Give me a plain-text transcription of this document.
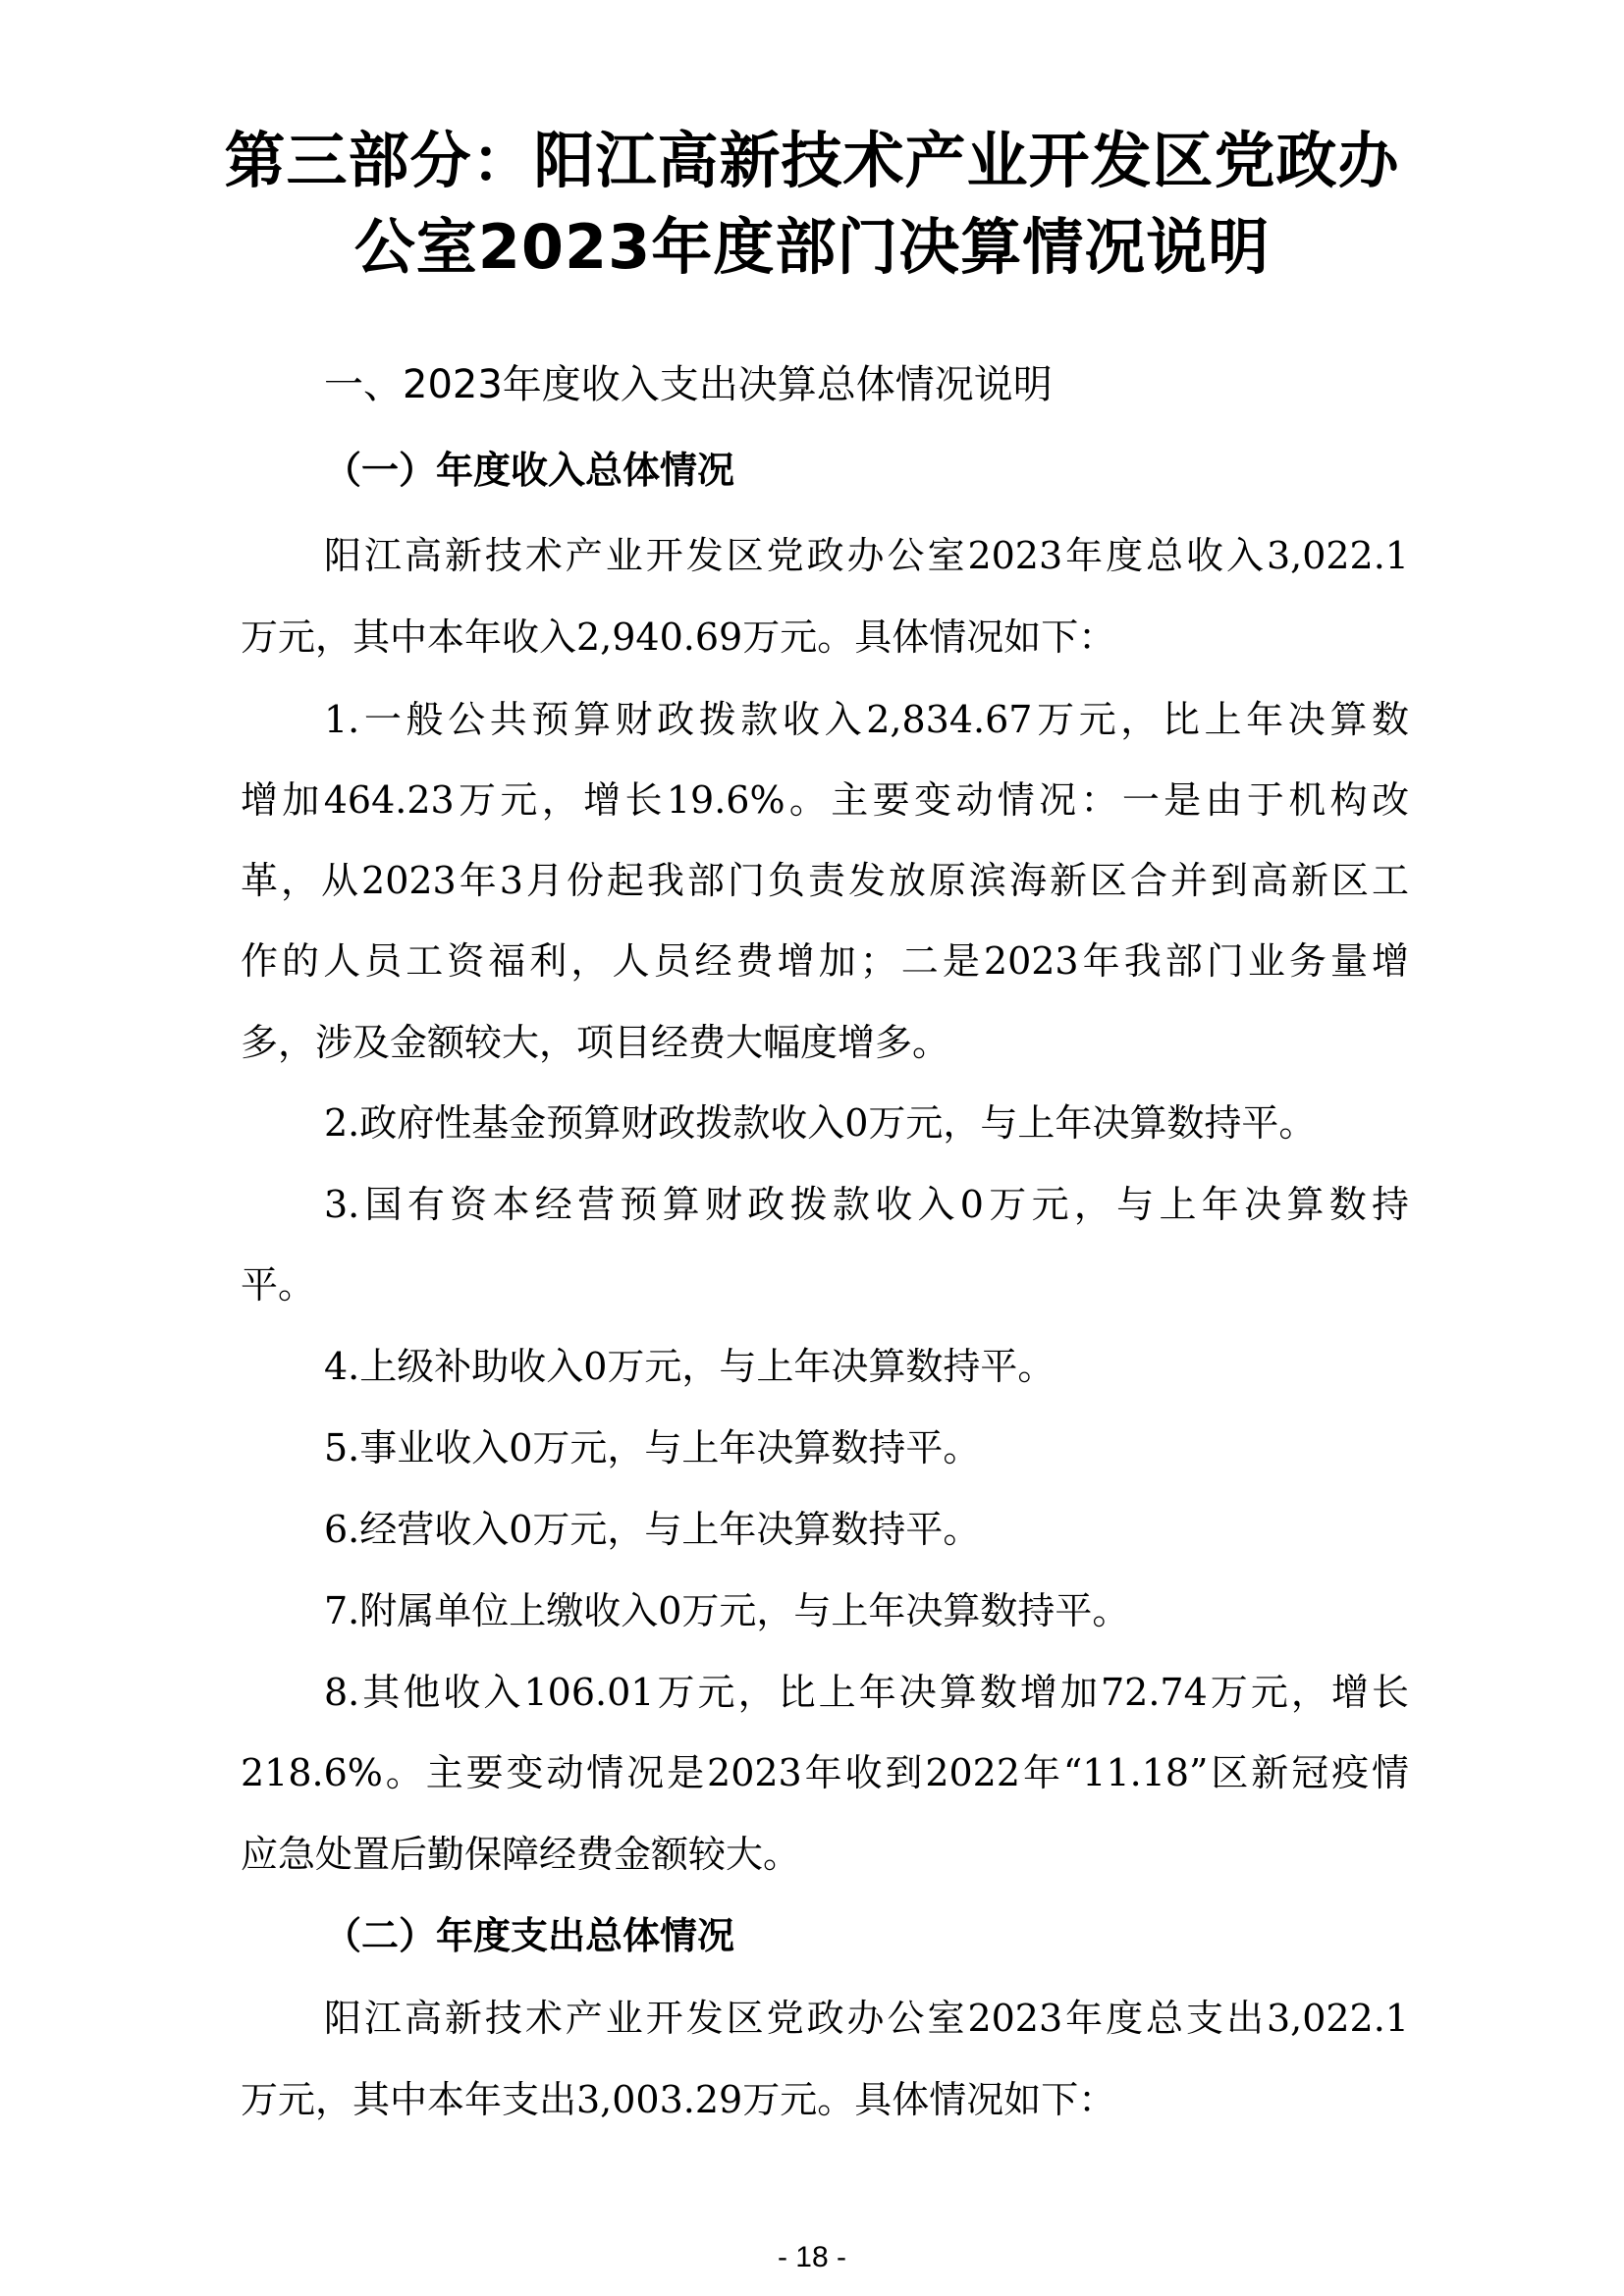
第三部分：阳江高新技术产业开发区党政办
公室2023年度部门决算情况说明
一、2023年度收入支出决算总体情况说明
（一）年度收入总体情况
阳江高新技术产业开发区党政办公室2023年度总收入3,022.1
万元，其中本年收入2,940.69万元。具体情况如下：
1.一般公共预算财政拨款收入2,834.67万元，比上年决算数
增加464.23万元，增长19.6%。主要变动情况：一是由于机构改
革，从2023年3月份起我部门负责发放原滨海新区合并到高新区工
作的人员工资福利，人员经费增加；二是2023年我部门业务量增
多，涉及金额较大，项目经费大幅度增多。
2.政府性基金预算财政拨款收入0万元，与上年决算数持平。
3.国有资本经营预算财政拨款收入0万元，与上年决算数持
平。
4.上级补助收入0万元，与上年决算数持平。
5.事业收入0万元，与上年决算数持平。
6.经营收入0万元，与上年决算数持平。
7.附属单位上缴收入0万元，与上年决算数持平。
8.其他收入106.01万元，比上年决算数增加72.74万元，增长
218.6%。主要变动情况是2023年收到2022年“11.18”区新冠疫情
应急处置后勤保障经费金额较大。
（二）年度支出总体情况
阳江高新技术产业开发区党政办公室2023年度总支出3,022.1
万元，其中本年支出3,003.29万元。具体情况如下：
- 18 -
